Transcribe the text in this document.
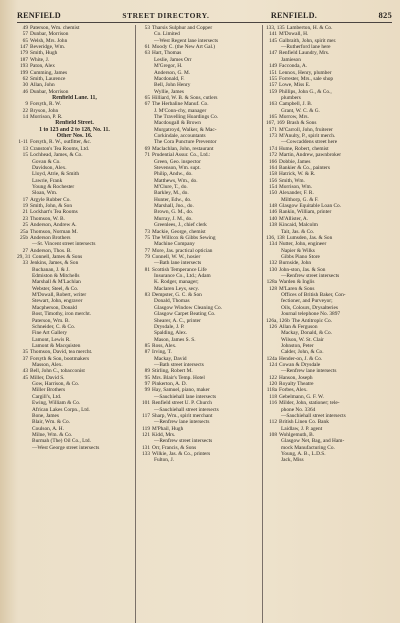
RENFIELD	STREET DIRECTORY.	RENFIELD.	825
49 Paterson, Wm. chemist
57 Dunbar, Morrison
65 Welsh, Mrs. John
147 Beveridge, Wm.
179 Smith, Hugh
187 White, J.
193 Paton, Alex
199 Cumming, James
62 Smith, Laurence
30 Allan, John
46 Dunbar, Morrison
Renfield Lane. 11,
9 Forsyth, R. W.
22 Bryson, John
14 Morrison, P. R.
Renfield Street.
1 to 123 and 2 to 128, No. 11.
Other Nos. 16.
1-11 Forsyth, R. W., outfitter, &c.
13 Cranston's Tea Rooms, Ltd.
15 Lochhead, James, & Co.
Govan & Co.
Davidson, Alex.
Lloyd, Atrie, & Smith
Lawrie, Frank
Young & Rochester
Sloan, Wm.
17 Argyle Rubber Co.
19 Smith, John, & Son
21 Lockhart's Tea Rooms
23 Thomson, W. B.
25 Anderson, Andrew A.
25a Thomson, Norman M.
25b Anderson Brothers
—St. Vincent street intersects
27 Anderson, Thos. B.
29, 31 Connell, James & Sons
33 Jenkins, James, & Son
Buchanan, J. & J.
Edmiston & Mitchells
Marshall & M'Lachlan
Webster, Steel, & Co.
M'Dowall, Robert, writer
Stewart, John, engraver
Macpherson, Donald
Bost, Timothy, iron mercht.
Paterson, Wm. B.
Schneider, C. & Co.
Fine Art Gallery
Lamont, Lewis R.
Lamont & Macquisten
35 Thomson, David, tea mercht.
37 Forsyth & Son, bootmakers
Masson, Alex.
43 Bell, John C., tobacconist
45 Miller, David S.
Gow, Harrison, & Co.
Miller Brothers
Cargill's, Ltd.
Ewing, William & Co.
African Lakes Corpn., Ltd.
Bone, James
Blair, Wm. & Co.
Coulson, A. H.
Milne, Wm. & Co.
Burmah (The) Oil Co., Ltd.
—West George street intersects
53 Tharsis Sulphur and Copper
Co. Limited
—West Regent lane intersects
61 Moody C. (the New Art Gal.)
63 Hart, Thomas
Leslie, James Orr
M'Gregor, H.
Anderson, G. M.
Macdonald, F.
Bell, John Henry
Wyllie, James
65 Hilliard, W. B. & Sons, cutlers
67 The Herbaline Manuf. Co.
J. M'Conn-chy, manager
The Travelling Hoardings Co.
Macdougall & Brown
Murgatroyd, Walker, & Mac-
Corkindale, accountants
The Cora Puncture Preventor
69 Maclachlan, John, restaurant
71 Prudential Assur. Co., Ltd.:
Green, Geo. inspector
Stevenson, Wm. supt.
Philip, Andw., do.
Matthews, Wm., do.
M'Clure, T., do.
Barkley, M., do.
Hunter, Edw., do.
Marshall, Jno., do.
Brown, G. M., do.
Murray, J. M., do.
Greenlees, J., chief clerk
73 Mackie, George, chemist
75 The Willcox & Gibbs Sewing
Machine Company
77 More, Jas. practical optician
79 Connell, W. W., hosier
—Bath lane intersects
81 Scottish Temperance Life
Insurance Co., Ltd.; Adam
K. Rodger, manager;
Maclaren Leys, secy.
83 Dempster, G. C. & Son
Donald, Thomas
Glasgow Window Cleaning Co.
Glasgow Carpet Beating Co.
Shearer, A. C., printer
Drysdale, J. P.
Spalding, Alex.
Mason, James S. S.
85 Ross, Alex.
87 Irving, T.
Mackay, David
—Bath street intersects
89 Stirling, Robert M.
95 Mrs. Blair's Temp. Hotel
97 Pinkerton, A. D.
99 Hay, Samuel, piano, maker
—Sauchiehall lane intersects
101 Renfield street U. P. Church
—Sauchiehall street intersects
117 Sharp, Wm., spirit merchant
—Renfrew lane intersects
119 M'Phail, Hugh
121 Kidd, Mrs.
—Renfrew street intersects
131 Orr, Francis, & Sons
133 Wilkie, Jas. & Co., printers
Fulton, J.
133, 135 Lamberton, H. & Co.
141 M'Dowall, H.
145 Galbraith, John, spirit mer.
—Rutherford lane here
147 Renfield Laundry, Mrs.
Jamieson
149 Facconda, A.
151 Lennox, Henry, plumber
155 Forrester, Mrs., sale shop
157 Lowe, Miss E.
159 Phillips, John G., & Co.,
plumbers
163 Campbell, J. B.
Grant, W. C. & G.
165 Morrow, Mrs.
167, 169 Brash & Sons
171 M'Carroll, John, fruiterer
173 M'Anulty, P., spirit merch.
—Cowcaddens street here
174 Hume, Robert, chemist
172 Martin, Andrew, pawnbroker
166 Dobbie, James
164 Bankier & Co., painters
158 Hatrick, W. & R.
156 Smith, Wm.
154 Morrison, Wm.
150 Alexander, F. R.
Milthorp, G. & F.
148 Glasgow Equitable Loan Co.
146 Rankin, William, printer
140 M'Allister, A.
138 Kincaid, Malcolm
Tait, Jas. & Co.
136, 138 Lumsden, Jas. & Son
134 Nutter, John, engineer
Napier & Wilks
Gibbs Piano Store
132 Burnside, John
130 John-ston, Jas. & Son
—Renfrew street intersects
128a Warden & Inglis
128 M'Laren & Sons
Offices of British Baker, Con-
fectioner, and Purveyor;
Oils, Colours, Drysalteries
Journal telephone No. 3897
126a, 126b The Antitropic Co.
126 Allan & Ferguson
Mackay, Donald, & Co.
Wilson, W. St. Clair
Johnston, Peter
Calder, John, & Co.
124a Hender-on, J. & Co.
124 Cowan & Drysdale
—Renfrew lane intersects
122 Hanson, Joseph
120 Royalty Theatre
118a Forbes, Alex.
118 Gebelmann, G. F. W.
116 Milder, John, stationer; tele-
phone No. 3364
—Sauchiehall street intersects
112 British Linen Co. Bank
Laidlaw, J. P. agent
108 Wohlgemuth, B.
Glasgow Net, Bag, and Ham-
mock Manufacturing Co.
Young, A. B., L.D.S.
Jack, Miss
